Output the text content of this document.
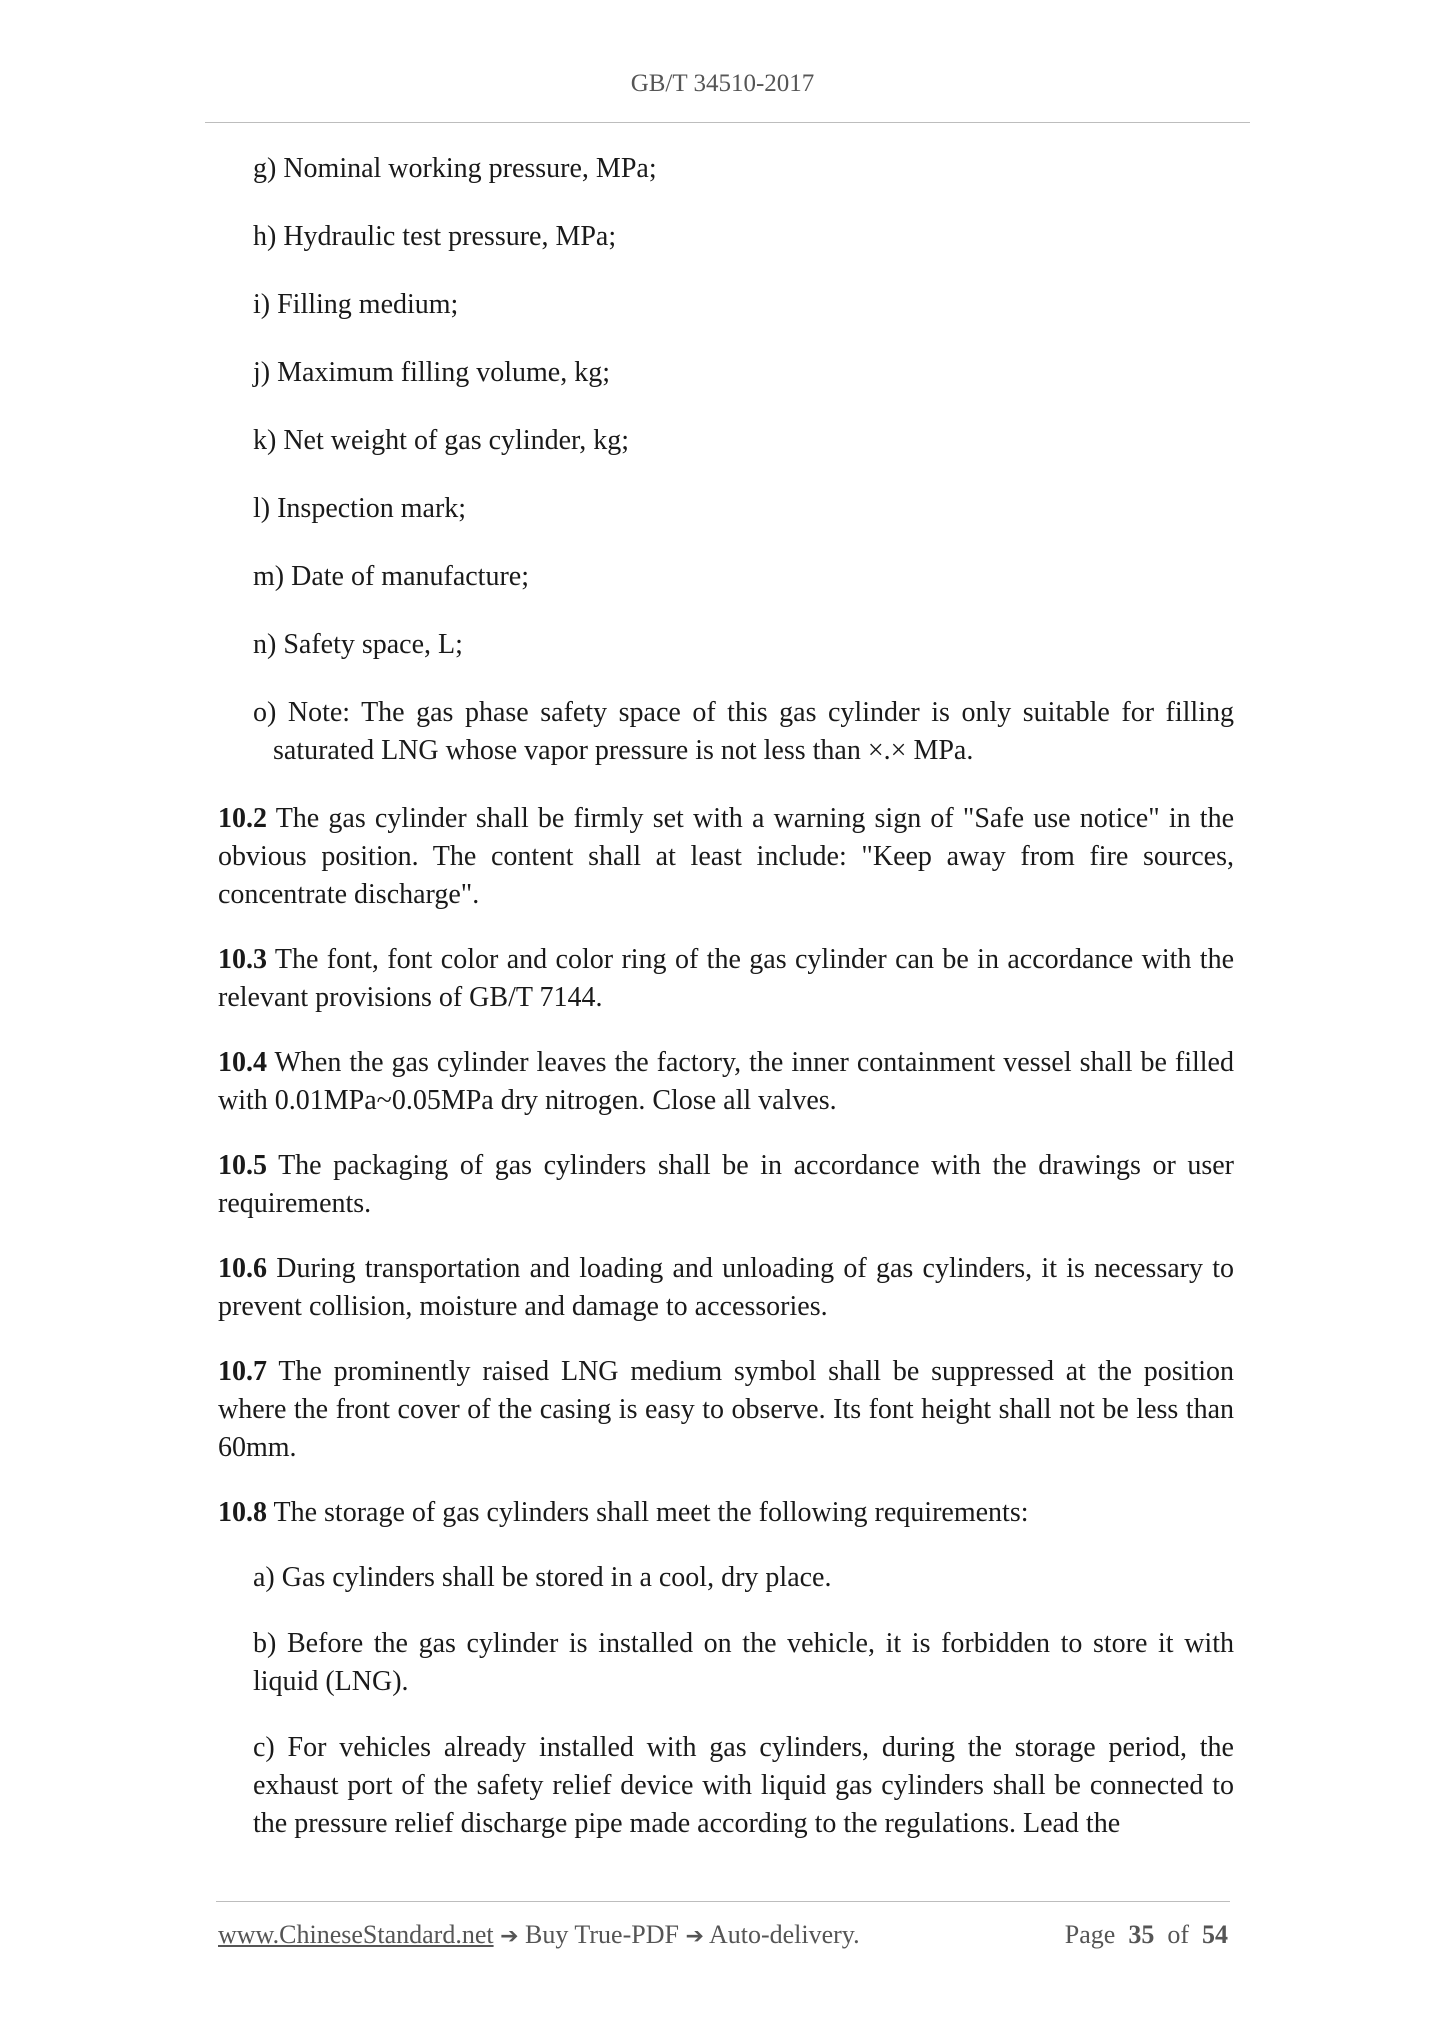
GB/T 34510-2017
g) Nominal working pressure, MPa;
h) Hydraulic test pressure, MPa;
i) Filling medium;
j) Maximum filling volume, kg;
k) Net weight of gas cylinder, kg;
l) Inspection mark;
m) Date of manufacture;
n) Safety space, L;
o) Note: The gas phase safety space of this gas cylinder is only suitable for filling saturated LNG whose vapor pressure is not less than ×.× MPa.
10.2 The gas cylinder shall be firmly set with a warning sign of "Safe use notice" in the obvious position. The content shall at least include: "Keep away from fire sources, concentrate discharge".
10.3 The font, font color and color ring of the gas cylinder can be in accordance with the relevant provisions of GB/T 7144.
10.4 When the gas cylinder leaves the factory, the inner containment vessel shall be filled with 0.01MPa~0.05MPa dry nitrogen. Close all valves.
10.5 The packaging of gas cylinders shall be in accordance with the drawings or user requirements.
10.6 During transportation and loading and unloading of gas cylinders, it is necessary to prevent collision, moisture and damage to accessories.
10.7 The prominently raised LNG medium symbol shall be suppressed at the position where the front cover of the casing is easy to observe. Its font height shall not be less than 60mm.
10.8 The storage of gas cylinders shall meet the following requirements:
a) Gas cylinders shall be stored in a cool, dry place.
b) Before the gas cylinder is installed on the vehicle, it is forbidden to store it with liquid (LNG).
c) For vehicles already installed with gas cylinders, during the storage period, the exhaust port of the safety relief device with liquid gas cylinders shall be connected to the pressure relief discharge pipe made according to the regulations. Lead the
www.ChineseStandard.net ➔ Buy True-PDF ➔ Auto-delivery.	Page 35 of 54
